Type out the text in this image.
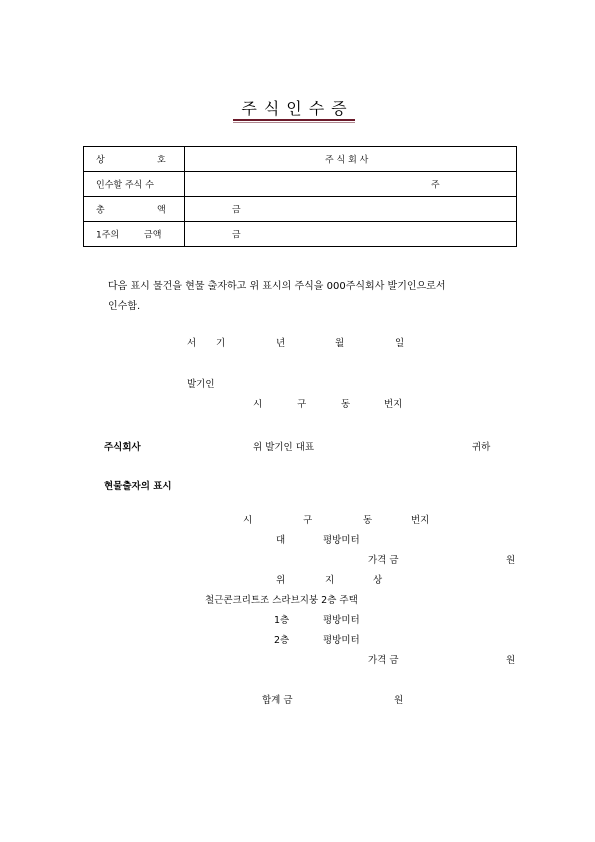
주식인수증
상 호	주 식 회 사

인수할 주식 수	주

총 액	금

1주의 금액	금
다음 표시 물건을 현물 출자하고 위 표시의 주식을 000주식회사 발기인으로서
인수함.
서 기	년	월	일
발기인
시	구	동	번지
주식회사	위 발기인 대표	귀하
현물출자의 표시
시	구	동	번지
대	평방미터
가격 금	원
위	지	상
철근콘크리트조 스라브지붕 2층 주택
1층	평방미터
2층	평방미터
가격 금	원
합계 금	원
